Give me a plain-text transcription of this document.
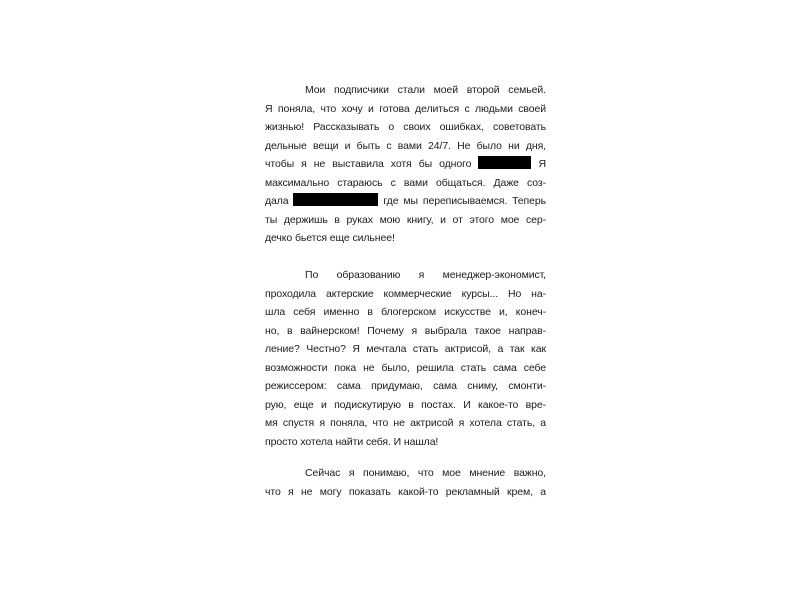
Мои подписчики стали моей второй семьей.
Я поняла, что хочу и готова делиться с людьми своей
жизнью! Рассказывать о своих ошибках, советовать
дельные вещи и быть с вами 24/7. Не было ни дня,
чтобы я не выставила хотя бы одного	Я
максимально стараюсь с вами общаться. Даже соз-
дала	где мы переписываемся. Теперь
ты держишь в руках мою книгу, и от этого мое сер-
дечко бьется еще сильнее!
По образованию я менеджер-экономист,
проходила актерские коммерческие курсы... Но на-
шла себя именно в блогерском искусстве и, конеч-
но, в вайнерском! Почему я выбрала такое направ-
ление? Честно? Я мечтала стать актрисой, а так как
возможности пока не было, решила стать сама себе
режиссером: сама придумаю, сама сниму, смонти-
рую, еще и подискутирую в постах. И какое-то вре-
мя спустя я поняла, что не актрисой я хотела стать, а
просто хотела найти себя. И нашла!
Сейчас я понимаю, что мое мнение важно,
что я не могу показать какой-то рекламный крем, а
